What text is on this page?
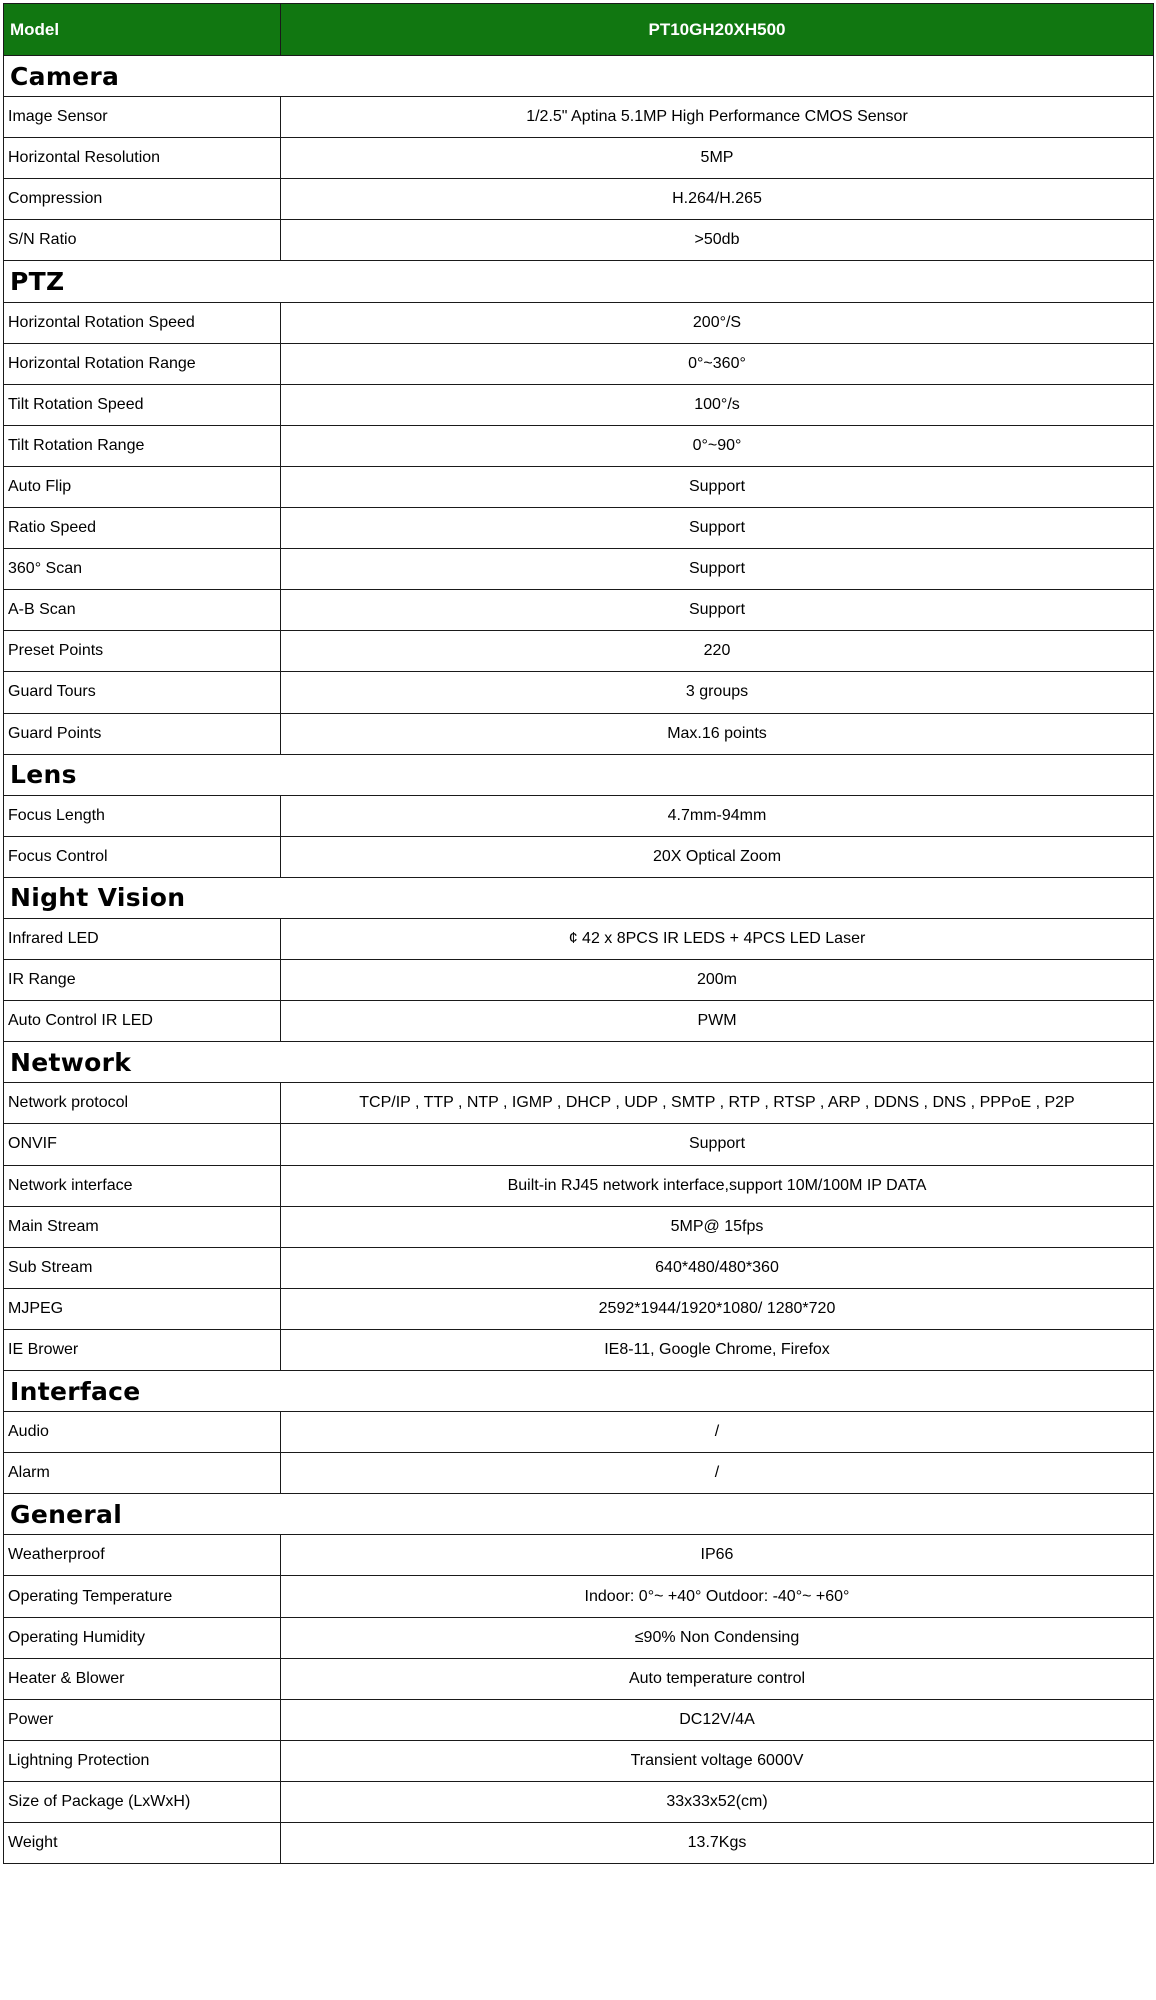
Model	PT10GH20XH500
Camera	
Image Sensor	1/2.5" Aptina 5.1MP High Performance CMOS Sensor
Horizontal Resolution	5MP
Compression	H.264/H.265
S/N Ratio	>50db
PTZ	
Horizontal Rotation Speed	200°/S
Horizontal Rotation Range	0°~360°
Tilt Rotation Speed	100°/s
Tilt Rotation Range	0°~90°
Auto Flip	Support
Ratio Speed	Support
360° Scan	Support
A-B Scan	Support
Preset Points	220
Guard Tours	3 groups
Guard Points	Max.16 points
Lens	
Focus Length	4.7mm-94mm
Focus Control	20X Optical Zoom
Night Vision	
Infrared LED	¢ 42 x 8PCS IR LEDS + 4PCS LED Laser
IR Range	200m
Auto Control IR LED	PWM
Network	
Network protocol	TCP/IP , TTP , NTP , IGMP , DHCP , UDP , SMTP , RTP , RTSP , ARP , DDNS , DNS , PPPoE , P2P
ONVIF	Support
Network interface	Built-in RJ45 network interface,support 10M/100M IP DATA
Main Stream	5MP@ 15fps
Sub Stream	640*480/480*360
MJPEG	2592*1944/1920*1080/ 1280*720
IE Brower	IE8-11, Google Chrome, Firefox
Interface	
Audio	/
Alarm	/
General	
Weatherproof	IP66
Operating Temperature	Indoor: 0°~ +40° Outdoor: -40°~ +60°
Operating Humidity	≤90% Non Condensing
Heater & Blower	Auto temperature control
Power	DC12V/4A
Lightning Protection	Transient voltage 6000V
Size of Package (LxWxH)	33x33x52(cm)
Weight	13.7Kgs
